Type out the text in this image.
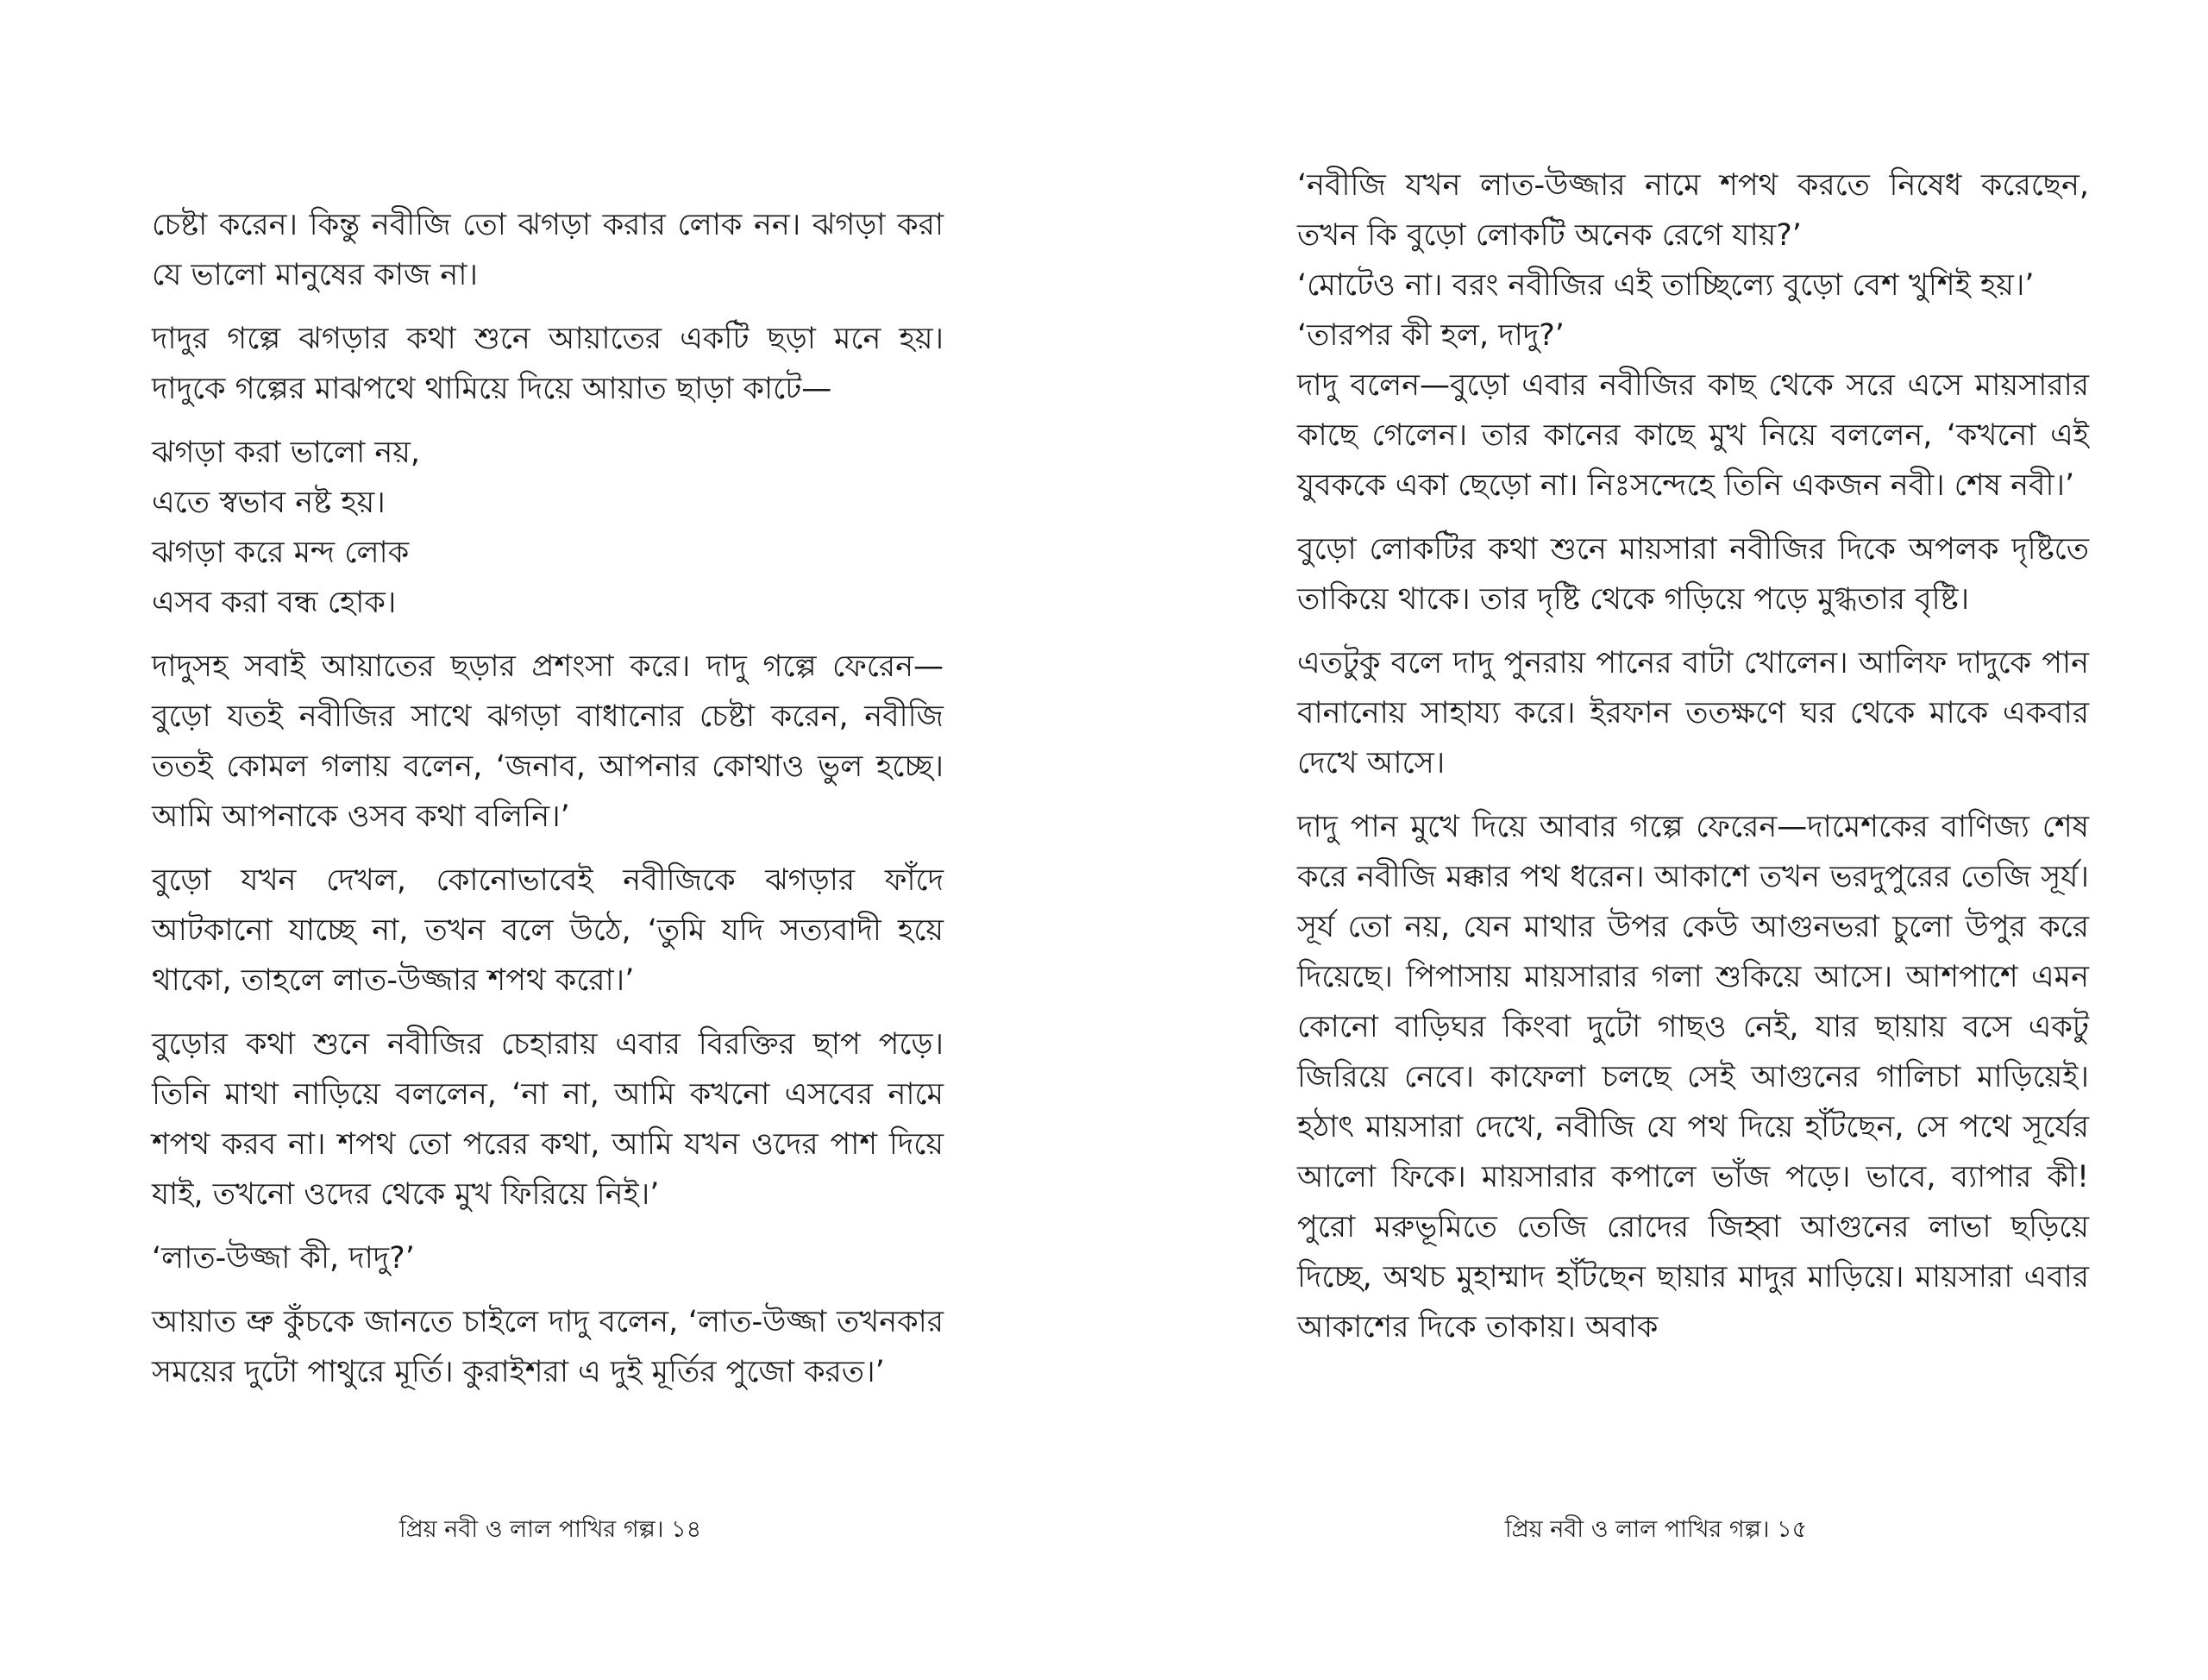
চেষ্টা করেন। কিন্তু নবীজি তো ঝগড়া করার লোক নন। ঝগড়া করা যে ভালো মানুষের কাজ না।

দাদুর গল্পে ঝগড়ার কথা শুনে আয়াতের একটি ছড়া মনে হয়। দাদুকে গল্পের মাঝপথে থামিয়ে দিয়ে আয়াত ছাড়া কাটে—

ঝগড়া করা ভালো নয়,
এতে স্বভাব নষ্ট হয়।
ঝগড়া করে মন্দ লোক
এসব করা বন্ধ হোক।

দাদুসহ সবাই আয়াতের ছড়ার প্রশংসা করে। দাদু গল্পে ফেরেন—বুড়ো যতই নবীজির সাথে ঝগড়া বাধানোর চেষ্টা করেন, নবীজি ততই কোমল গলায় বলেন, ‘জনাব, আপনার কোথাও ভুল হচ্ছে। আমি আপনাকে ওসব কথা বলিনি।’

বুড়ো যখন দেখল, কোনোভাবেই নবীজিকে ঝগড়ার ফাঁদে আটকানো যাচ্ছে না, তখন বলে উঠে, ‘তুমি যদি সত্যবাদী হয়ে থাকো, তাহলে লাত-উজ্জার শপথ করো।’

বুড়োর কথা শুনে নবীজির চেহারায় এবার বিরক্তির ছাপ পড়ে। তিনি মাথা নাড়িয়ে বললেন, ‘না না, আমি কখনো এসবের নামে শপথ করব না। শপথ তো পরের কথা, আমি যখন ওদের পাশ দিয়ে যাই, তখনো ওদের থেকে মুখ ফিরিয়ে নিই।’

‘লাত-উজ্জা কী, দাদু?’

আয়াত ভ্রু কুঁচকে জানতে চাইলে দাদু বলেন, ‘লাত-উজ্জা তখনকার সময়ের দুটো পাথুরে মূর্তি। কুরাইশরা এ দুই মূর্তির পুজো করত।’

প্রিয় নবী ও লাল পাখির গল্প। ১৪

‘নবীজি যখন লাত-উজ্জার নামে শপথ করতে নিষেধ করেছেন, তখন কি বুড়ো লোকটি অনেক রেগে যায়?’

‘মোটেও না। বরং নবীজির এই তাচ্ছিল্যে বুড়ো বেশ খুশিই হয়।’

‘তারপর কী হল, দাদু?’

দাদু বলেন—বুড়ো এবার নবীজির কাছ থেকে সরে এসে মায়সারার কাছে গেলেন। তার কানের কাছে মুখ নিয়ে বললেন, ‘কখনো এই যুবককে একা ছেড়ো না। নিঃসন্দেহে তিনি একজন নবী। শেষ নবী।’

বুড়ো লোকটির কথা শুনে মায়সারা নবীজির দিকে অপলক দৃষ্টিতে তাকিয়ে থাকে। তার দৃষ্টি থেকে গড়িয়ে পড়ে মুগ্ধতার বৃষ্টি।

এতটুকু বলে দাদু পুনরায় পানের বাটা খোলেন। আলিফ দাদুকে পান বানানোয় সাহায্য করে। ইরফান ততক্ষণে ঘর থেকে মাকে একবার দেখে আসে।

দাদু পান মুখে দিয়ে আবার গল্পে ফেরেন—দামেশকের বাণিজ্য শেষ করে নবীজি মক্কার পথ ধরেন। আকাশে তখন ভরদুপুরের তেজি সূর্য। সূর্য তো নয়, যেন মাথার উপর কেউ আগুনভরা চুলো উপুর করে দিয়েছে। পিপাসায় মায়সারার গলা শুকিয়ে আসে। আশপাশে এমন কোনো বাড়িঘর কিংবা দুটো গাছও নেই, যার ছায়ায় বসে একটু জিরিয়ে নেবে। কাফেলা চলছে সেই আগুনের গালিচা মাড়িয়েই। হঠাৎ মায়সারা দেখে, নবীজি যে পথ দিয়ে হাঁটছেন, সে পথে সূর্যের আলো ফিকে। মায়সারার কপালে ভাঁজ পড়ে। ভাবে, ব্যাপার কী! পুরো মরুভূমিতে তেজি রোদের জিহ্বা আগুনের লাভা ছড়িয়ে দিচ্ছে, অথচ মুহাম্মাদ হাঁটছেন ছায়ার মাদুর মাড়িয়ে। মায়সারা এবার আকাশের দিকে তাকায়। অবাক

প্রিয় নবী ও লাল পাখির গল্প। ১৫
